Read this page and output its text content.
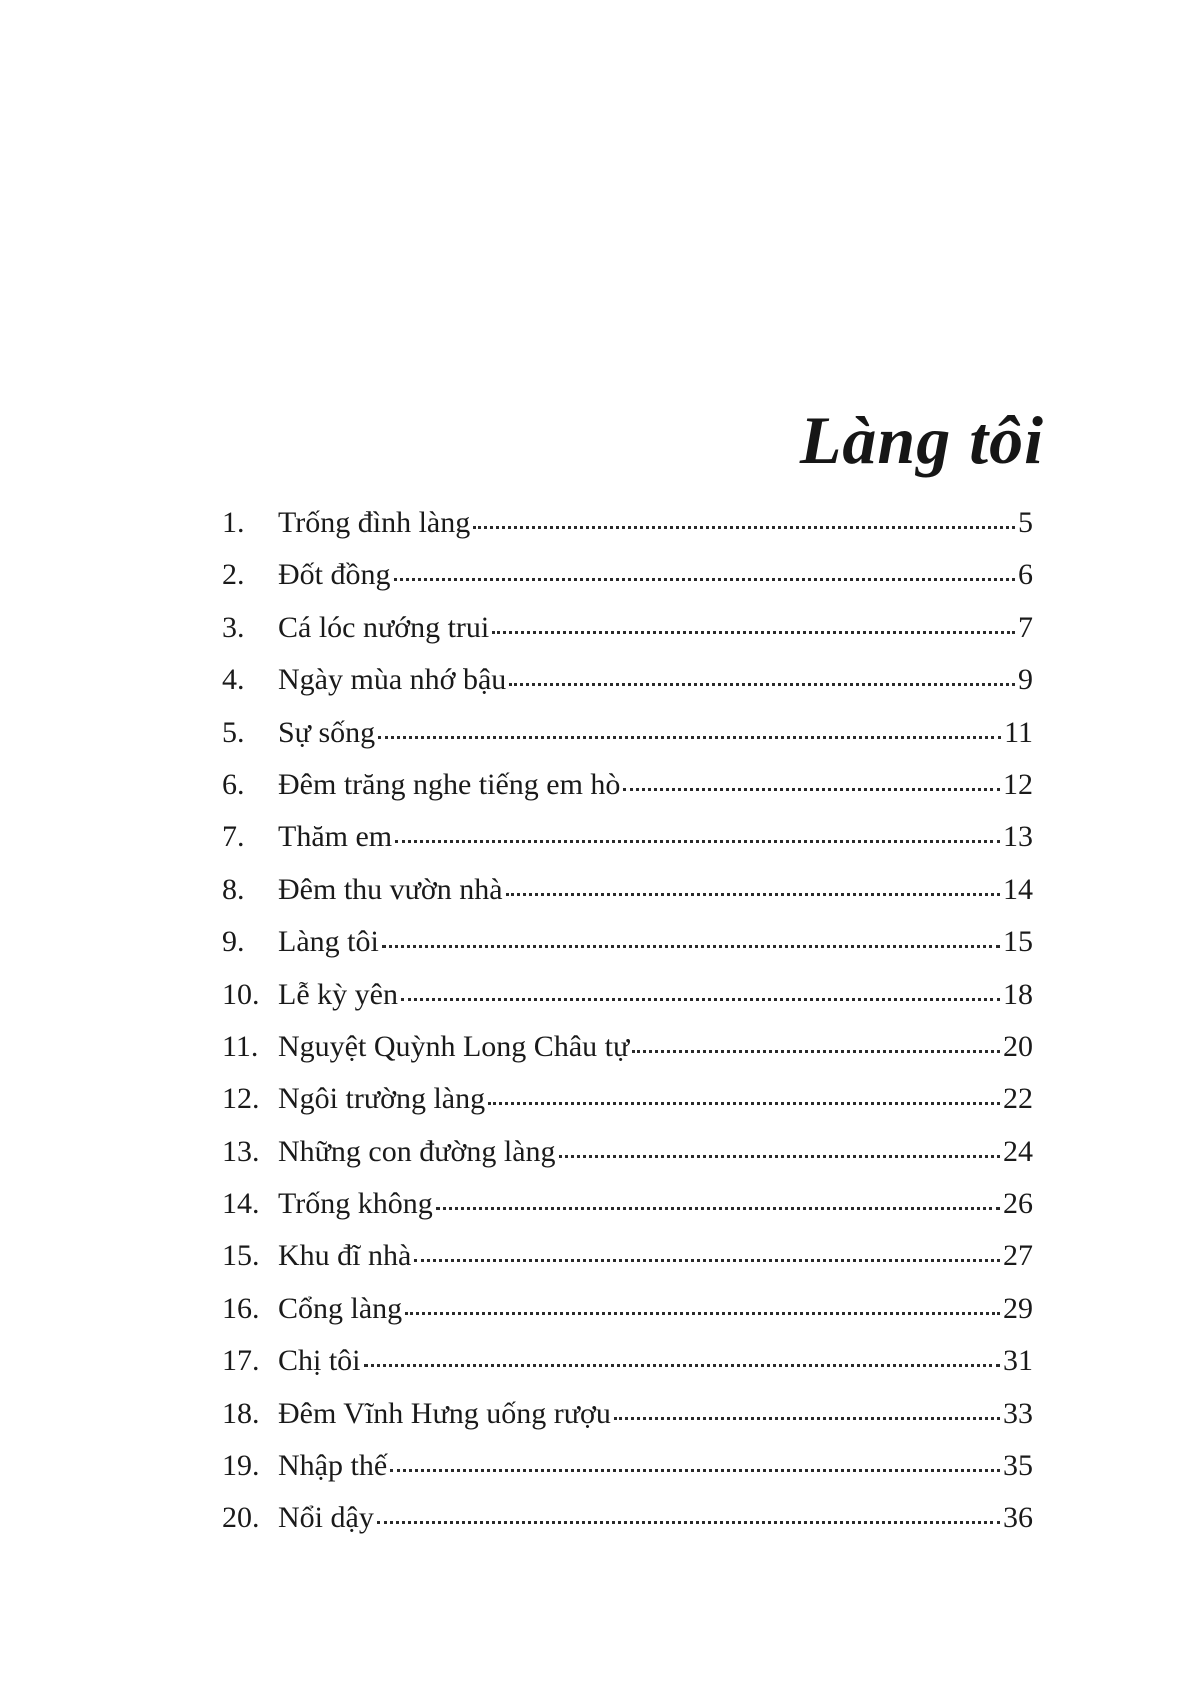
Làng tôi
1.	Trống đình làng	5
2.	Đốt đồng	6
3.	Cá lóc nướng trui	7
4.	Ngày mùa nhớ bậu	9
5.	Sự sống	11
6.	Đêm trăng nghe tiếng em hò	12
7.	Thăm em	13
8.	Đêm thu vườn nhà	14
9.	Làng tôi	15
10. Lễ kỳ yên	18
11. Nguyệt Quỳnh Long Châu tự	20
12. Ngôi trường làng	22
13. Những con đường làng	24
14. Trống không	26
15. Khu đĩ nhà	27
16. Cổng làng	29
17. Chị tôi	31
18. Đêm Vĩnh Hưng uống rượu	33
19. Nhập thế	35
20. Nổi dậy	36
